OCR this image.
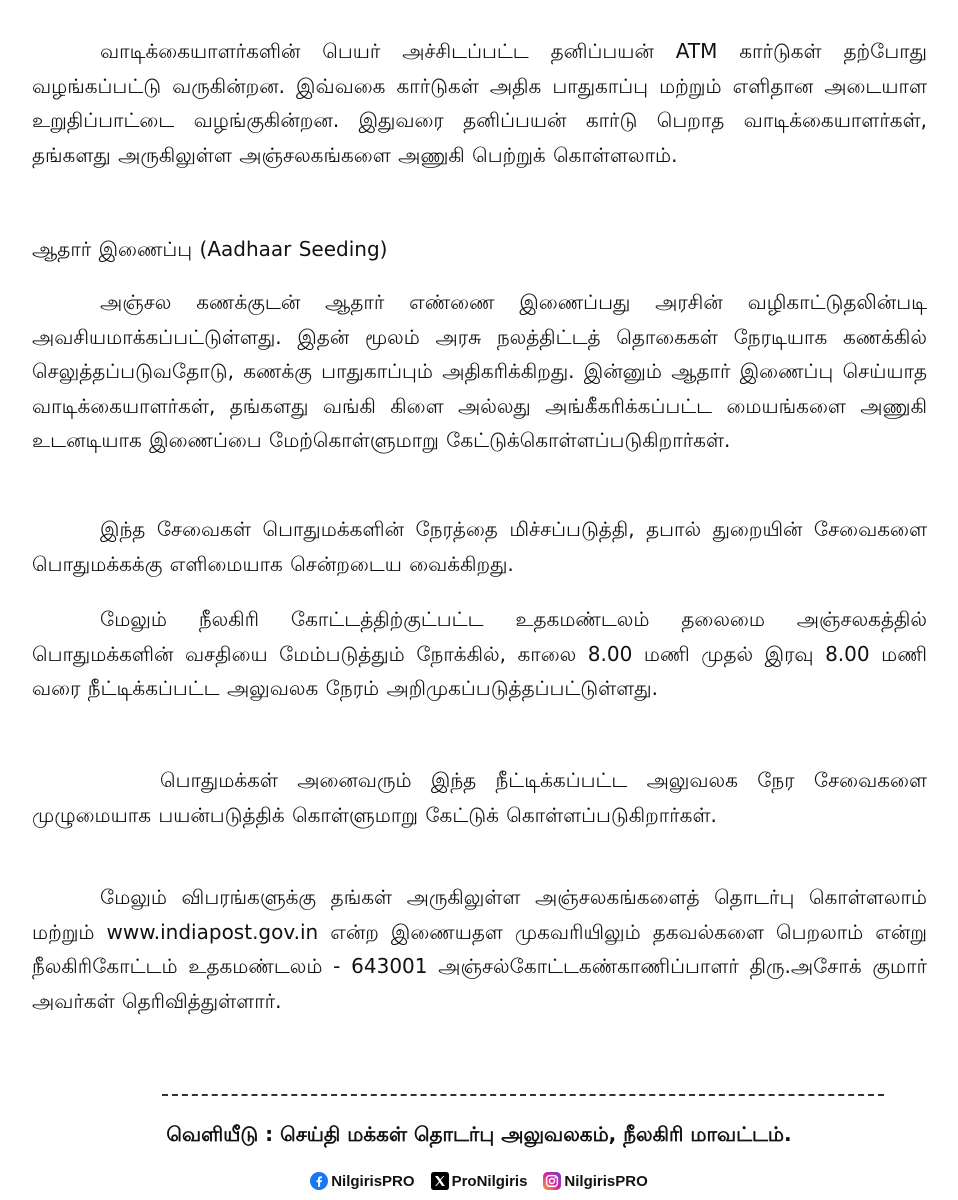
வாடிக்கையாளர்களின் பெயர் அச்சிடப்பட்ட தனிப்பயன் ATM கார்டுகள் தற்போது வழங்கப்பட்டு வருகின்றன. இவ்வகை கார்டுகள் அதிக பாதுகாப்பு மற்றும் எளிதான அடையாள உறுதிப்பாட்டை வழங்குகின்றன. இதுவரை தனிப்பயன் கார்டு பெறாத வாடிக்கையாளர்கள், தங்களது அருகிலுள்ள அஞ்சலகங்களை அணுகி பெற்றுக் கொள்ளலாம்.

ஆதார் இணைப்பு (Aadhaar Seeding)

அஞ்சல கணக்குடன் ஆதார் எண்ணை இணைப்பது அரசின் வழிகாட்டுதலின்படி அவசியமாக்கப்பட்டுள்ளது. இதன் மூலம் அரசு நலத்திட்டத் தொகைகள் நேரடியாக கணக்கில் செலுத்தப்படுவதோடு, கணக்கு பாதுகாப்பும் அதிகரிக்கிறது. இன்னும் ஆதார் இணைப்பு செய்யாத வாடிக்கையாளர்கள், தங்களது வங்கி கிளை அல்லது அங்கீகரிக்கப்பட்ட மையங்களை அணுகி உடனடியாக இணைப்பை மேற்கொள்ளுமாறு கேட்டுக்கொள்ளப்படுகிறார்கள்.

இந்த சேவைகள் பொதுமக்களின் நேரத்தை மிச்சப்படுத்தி, தபால் துறையின் சேவைகளை பொதுமக்கக்கு எளிமையாக சென்றடைய வைக்கிறது.

மேலும் நீலகிரி கோட்டத்திற்குட்பட்ட உதகமண்டலம் தலைமை அஞ்சலகத்தில் பொதுமக்களின் வசதியை மேம்படுத்தும் நோக்கில், காலை 8.00 மணி முதல் இரவு 8.00 மணி வரை நீட்டிக்கப்பட்ட அலுவலக நேரம் அறிமுகப்படுத்தப்பட்டுள்ளது.

பொதுமக்கள் அனைவரும் இந்த நீட்டிக்கப்பட்ட அலுவலக நேர சேவைகளை முழுமையாக பயன்படுத்திக் கொள்ளுமாறு கேட்டுக் கொள்ளப்படுகிறார்கள்.

மேலும் விபரங்களுக்கு தங்கள் அருகிலுள்ள அஞ்சலகங்களைத் தொடர்பு கொள்ளலாம் மற்றும் www.indiapost.gov.in என்ற இணையதள முகவரியிலும் தகவல்களை பெறலாம் என்று நீலகிரிகோட்டம் உதகமண்டலம் - 643001 அஞ்சல்கோட்டகண்காணிப்பாளர் திரு.அசோக் குமார் அவர்கள் தெரிவித்துள்ளார்.

வெளியீடு : செய்தி மக்கள் தொடர்பு அலுவலகம், நீலகிரி மாவட்டம்.

NilgirisPRO ProNilgiris NilgirisPRO
